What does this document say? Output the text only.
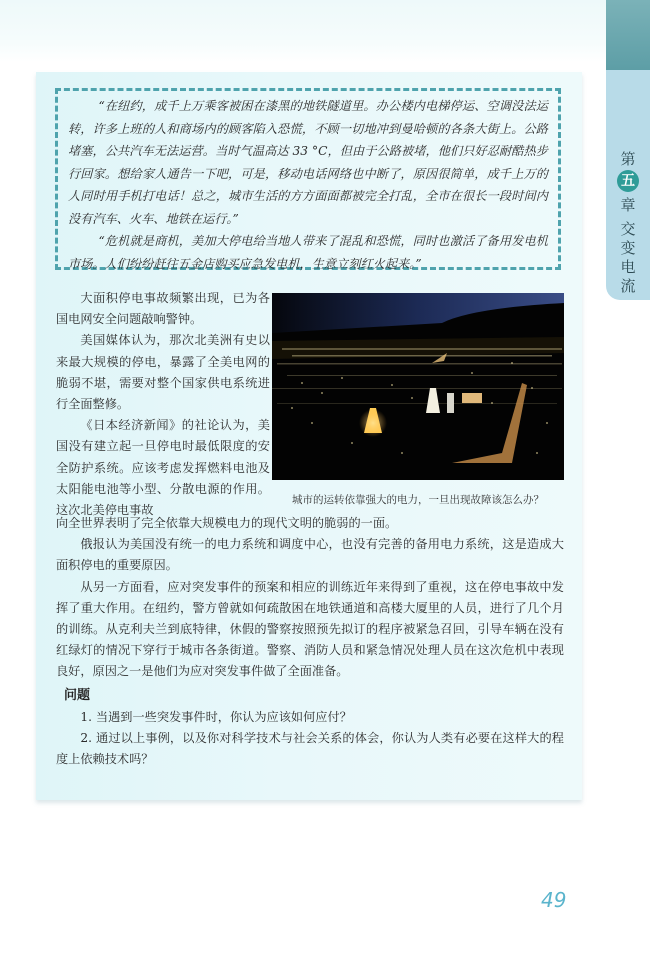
第
五
章
交
变
电
流

“在纽约，成千上万乘客被困在漆黑的地铁隧道里。办公楼内电梯停运、空调没法运转，许多上班的人和商场内的顾客陷入恐慌，不顾一切地冲到曼哈顿的各条大街上。公路堵塞，公共汽车无法运营。当时气温高达 33 °C，但由于公路被堵，他们只好忍耐酷热步行回家。想给家人通告一下吧，可是，移动电话网络也中断了，原因很简单，成千上万的人同时用手机打电话！总之，城市生活的方方面面都被完全打乱，全市在很长一段时间内没有汽车、火车、地铁在运行。”

“危机就是商机，美加大停电给当地人带来了混乱和恐慌，同时也激活了备用发电机市场。人们纷纷赶往五金店购买应急发电机，生意立刻红火起来。”

大面积停电事故频繁出现，已为各国电网安全问题敲响警钟。

美国媒体认为，那次北美洲有史以来最大规模的停电，暴露了全美电网的脆弱不堪，需要对整个国家供电系统进行全面整修。

《日本经济新闻》的社论认为，美国没有建立起一旦停电时最低限度的安全防护系统。应该考虑发挥燃料电池及太阳能电池等小型、分散电源的作用。这次北美停电事故

城市的运转依靠强大的电力，一旦出现故障该怎么办？

向全世界表明了完全依靠大规模电力的现代文明的脆弱的一面。

俄报认为美国没有统一的电力系统和调度中心，也没有完善的备用电力系统，这是造成大面积停电的重要原因。

从另一方面看，应对突发事件的预案和相应的训练近年来得到了重视，这在停电事故中发挥了重大作用。在纽约，警方曾就如何疏散困在地铁通道和高楼大厦里的人员，进行了几个月的训练。从克利夫兰到底特律，休假的警察按照预先拟订的程序被紧急召回，引导车辆在没有红绿灯的情况下穿行于城市各条街道。警察、消防人员和紧急情况处理人员在这次危机中表现良好，原因之一是他们为应对突发事件做了全面准备。

问题

1. 当遇到一些突发事件时，你认为应该如何应付？

2. 通过以上事例，以及你对科学技术与社会关系的体会，你认为人类有必要在这样大的程度上依赖技术吗？

49
